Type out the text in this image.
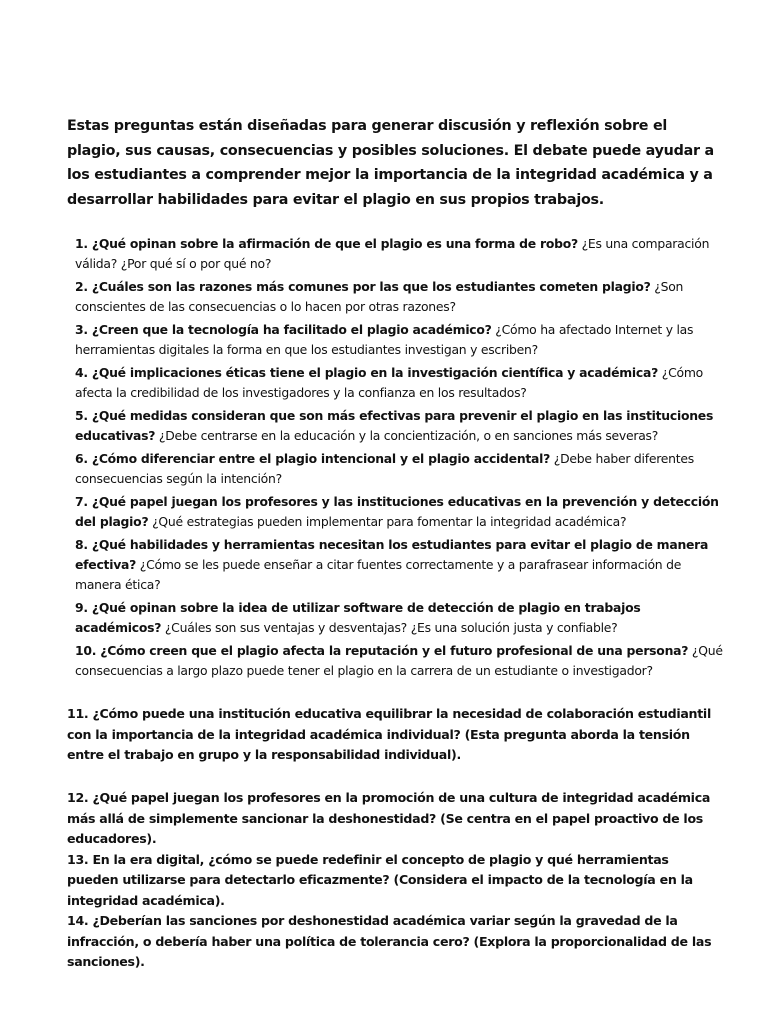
Estas preguntas están diseñadas para generar discusión y reflexión sobre el plagio, sus causas, consecuencias y posibles soluciones. El debate puede ayudar a los estudiantes a comprender mejor la importancia de la integridad académica y a desarrollar habilidades para evitar el plagio en sus propios trabajos.

1. ¿Qué opinan sobre la afirmación de que el plagio es una forma de robo? ¿Es una comparación válida? ¿Por qué sí o por qué no?

2. ¿Cuáles son las razones más comunes por las que los estudiantes cometen plagio? ¿Son conscientes de las consecuencias o lo hacen por otras razones?

3. ¿Creen que la tecnología ha facilitado el plagio académico? ¿Cómo ha afectado Internet y las herramientas digitales la forma en que los estudiantes investigan y escriben?

4. ¿Qué implicaciones éticas tiene el plagio en la investigación científica y académica? ¿Cómo afecta la credibilidad de los investigadores y la confianza en los resultados?

5. ¿Qué medidas consideran que son más efectivas para prevenir el plagio en las instituciones educativas? ¿Debe centrarse en la educación y la concientización, o en sanciones más severas?

6. ¿Cómo diferenciar entre el plagio intencional y el plagio accidental? ¿Debe haber diferentes consecuencias según la intención?

7. ¿Qué papel juegan los profesores y las instituciones educativas en la prevención y detección del plagio? ¿Qué estrategias pueden implementar para fomentar la integridad académica?

8. ¿Qué habilidades y herramientas necesitan los estudiantes para evitar el plagio de manera efectiva? ¿Cómo se les puede enseñar a citar fuentes correctamente y a parafrasear información de manera ética?

9. ¿Qué opinan sobre la idea de utilizar software de detección de plagio en trabajos académicos? ¿Cuáles son sus ventajas y desventajas? ¿Es una solución justa y confiable?

10. ¿Cómo creen que el plagio afecta la reputación y el futuro profesional de una persona? ¿Qué consecuencias a largo plazo puede tener el plagio en la carrera de un estudiante o investigador?

11. ¿Cómo puede una institución educativa equilibrar la necesidad de colaboración estudiantil con la importancia de la integridad académica individual? (Esta pregunta aborda la tensión entre el trabajo en grupo y la responsabilidad individual).

12. ¿Qué papel juegan los profesores en la promoción de una cultura de integridad académica más allá de simplemente sancionar la deshonestidad? (Se centra en el papel proactivo de los educadores).

13. En la era digital, ¿cómo se puede redefinir el concepto de plagio y qué herramientas pueden utilizarse para detectarlo eficazmente? (Considera el impacto de la tecnología en la integridad académica).

14. ¿Deberían las sanciones por deshonestidad académica variar según la gravedad de la infracción, o debería haber una política de tolerancia cero? (Explora la proporcionalidad de las sanciones).
